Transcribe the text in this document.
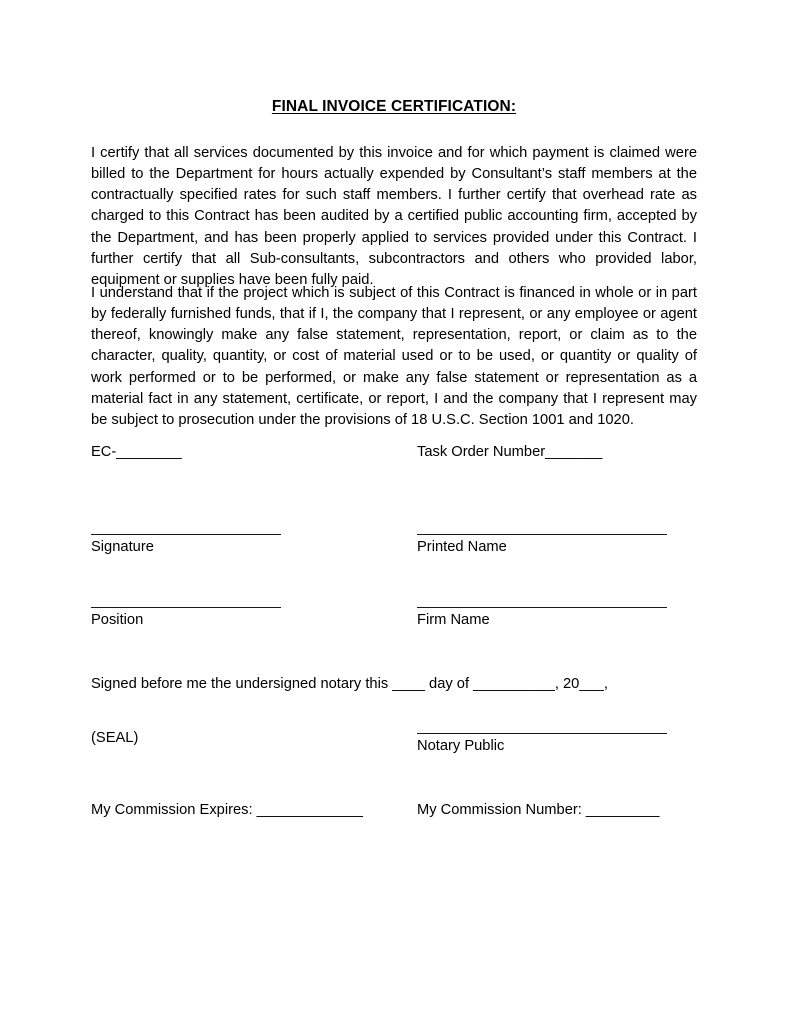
FINAL INVOICE CERTIFICATION:

I certify that all services documented by this invoice and for which payment is claimed were billed to the Department for hours actually expended by Consultant’s staff members at the contractually specified rates for such staff members. I further certify that overhead rate as charged to this Contract has been audited by a certified public accounting firm, accepted by the Department, and has been properly applied to services provided under this Contract. I further certify that all Sub-consultants, subcontractors and others who provided labor, equipment or supplies have been fully paid.

I understand that if the project which is subject of this Contract is financed in whole or in part by federally furnished funds, that if I, the company that I represent, or any employee or agent thereof, knowingly make any false statement, representation, report, or claim as to the character, quality, quantity, or cost of material used or to be used, or quantity or quality of work performed or to be performed, or make any false statement or representation as a material fact in any statement, certificate, or report, I and the company that I represent may be subject to prosecution under the provisions of 18 U.S.C. Section 1001 and 1020.

EC-________	Task Order Number_______
Signature	Printed Name
Position	Firm Name
Signed before me the undersigned notary this ____ day of __________, 20___,
(SEAL)	Notary Public
My Commission Expires: _____________	My Commission Number: _________
